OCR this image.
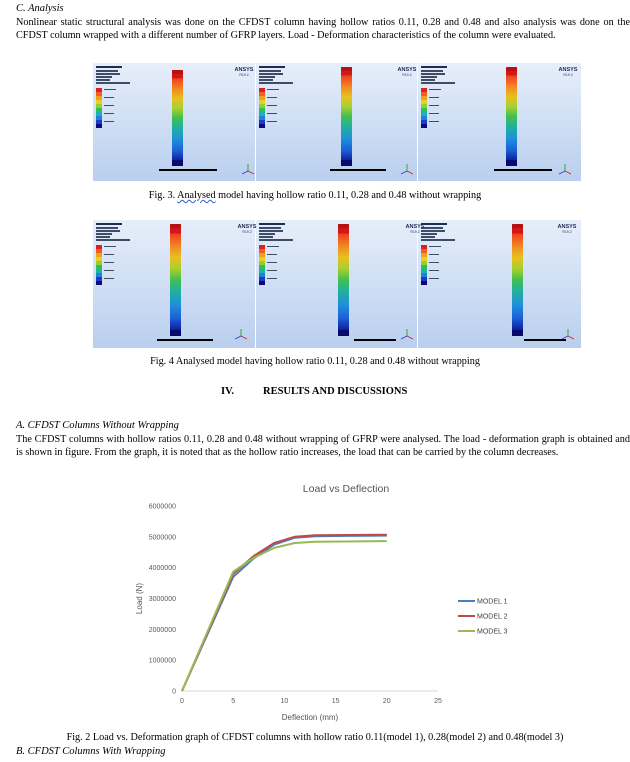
C. Analysis
Nonlinear static structural analysis was done on the CFDST column having hollow ratios 0.11, 0.28 and 0.48 and also analysis was done on the CFDST column wrapped with a different number of GFRP layers. Load - Deformation characteristics of the column were evaluated.
ANSYS
R19.2
ANSYS
R19.2
ANSYS
R19.2
Fig. 3. Analysed model having hollow ratio 0.11, 0.28 and 0.48 without wrapping
ANSYS
R19.2
ANSYS
R19.2
ANSYS
R19.2
Fig. 4 Analysed model having hollow ratio 0.11, 0.28 and 0.48 without wrapping
IV.	RESULTS AND DISCUSSIONS
A. CFDST Columns Without Wrapping
The CFDST columns with hollow ratios 0.11, 0.28 and 0.48 without wrapping of GFRP were analysed. The load - deformation graph is obtained and is shown in figure. From the graph, it is noted that as the hollow ratio increases, the load that can be carried by the column decreases.
Load vs Deflection
0
1000000
2000000
3000000
4000000
5000000
6000000
0	5	10	15	20	25
MODEL 1
MODEL 2
MODEL 3
Load (N)
Deflection (mm)
Fig. 2 Load vs. Deformation graph of CFDST columns with hollow ratio 0.11(model 1), 0.28(model 2) and 0.48(model 3)
B. CFDST Columns With Wrapping
